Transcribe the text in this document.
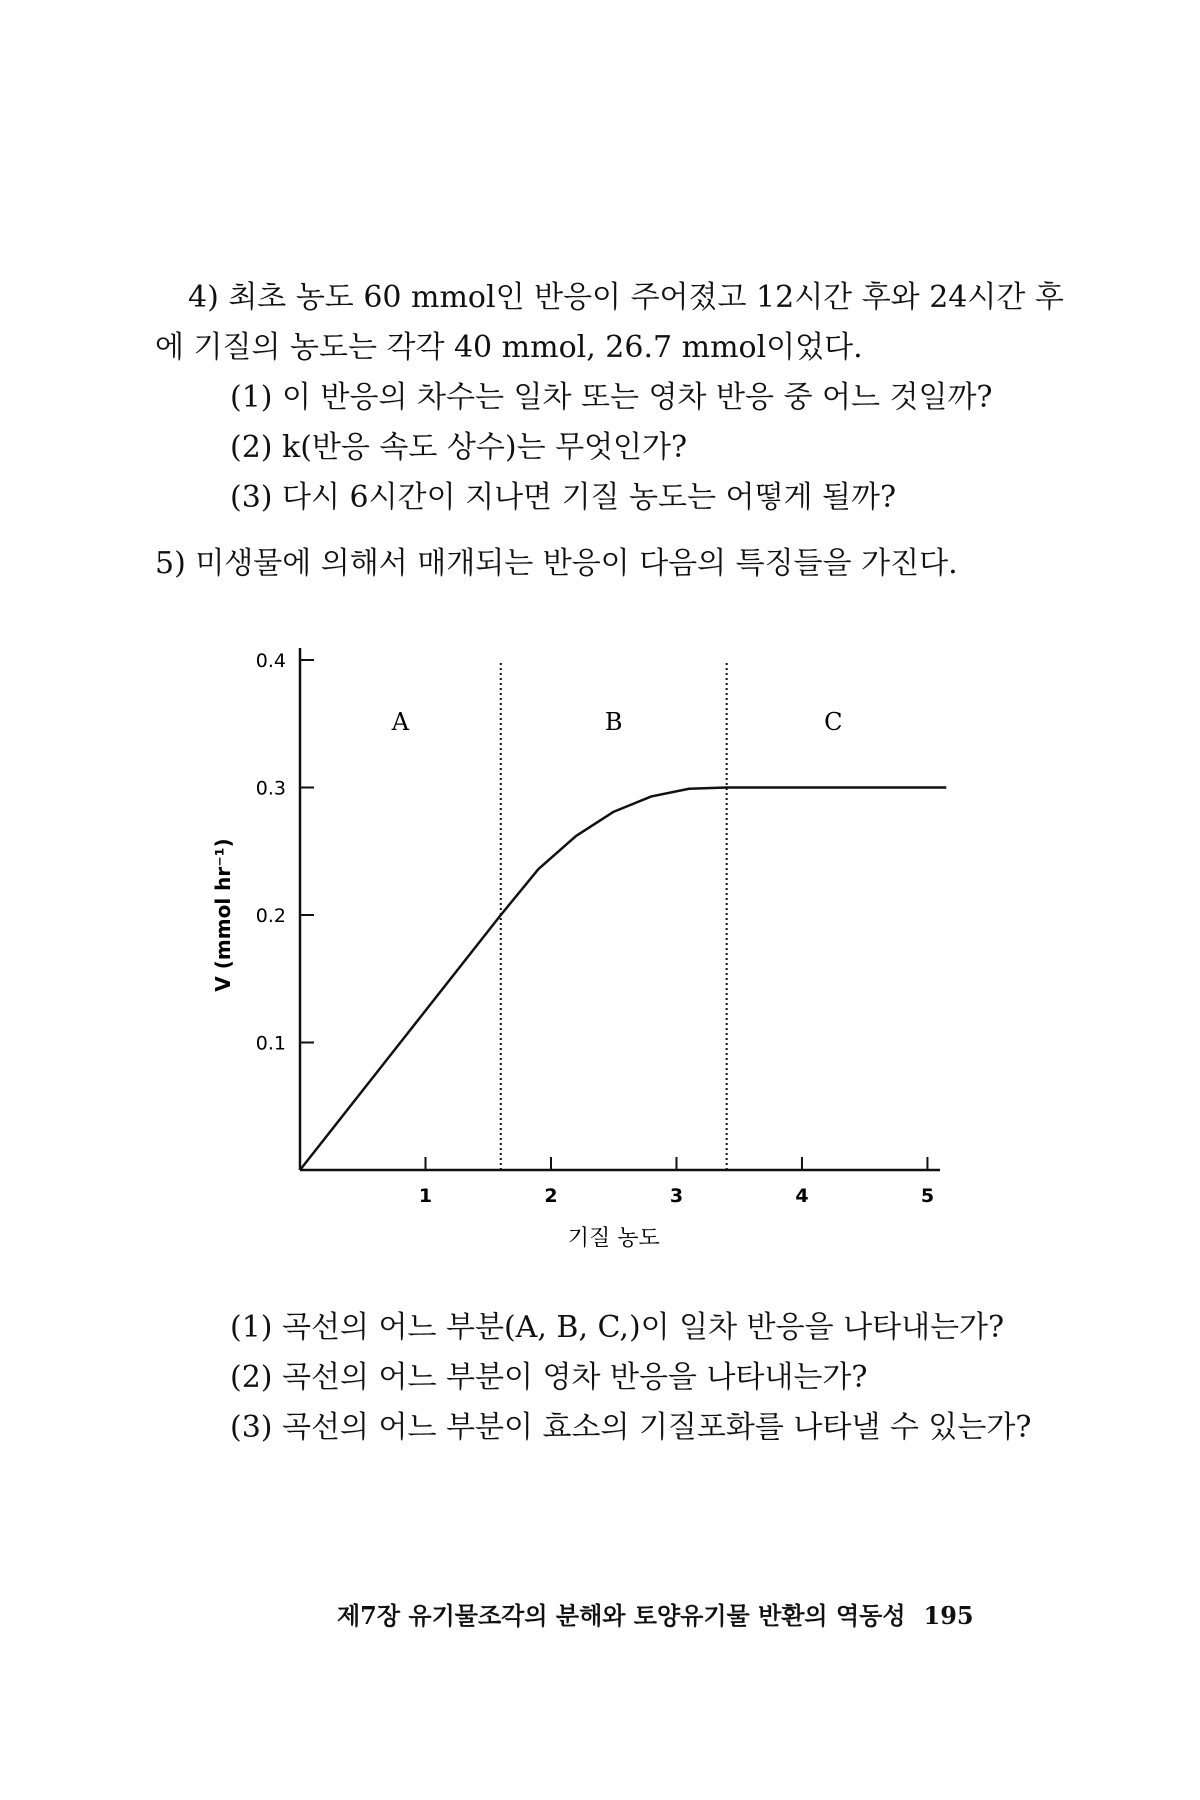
4) 최초 농도 60 mmol인 반응이 주어졌고 12시간 후와 24시간 후
에 기질의 농도는 각각 40 mmol, 26.7 mmol이었다.
(1) 이 반응의 차수는 일차 또는 영차 반응 중 어느 것일까?
(2) k(반응 속도 상수)는 무엇인가?
(3) 다시 6시간이 지나면 기질 농도는 어떻게 될까?
5) 미생물에 의해서 매개되는 반응이 다음의 특징들을 가진다.
0.1
0.2
0.3
0.4
1	2	3	4	5
A	B	C
기질 농도
V (mmol hr⁻¹)
(1) 곡선의 어느 부분(A, B, C,)이 일차 반응을 나타내는가?
(2) 곡선의 어느 부분이 영차 반응을 나타내는가?
(3) 곡선의 어느 부분이 효소의 기질포화를 나타낼 수 있는가?
제7장 유기물조각의 분해와 토양유기물 반환의 역동성 195
